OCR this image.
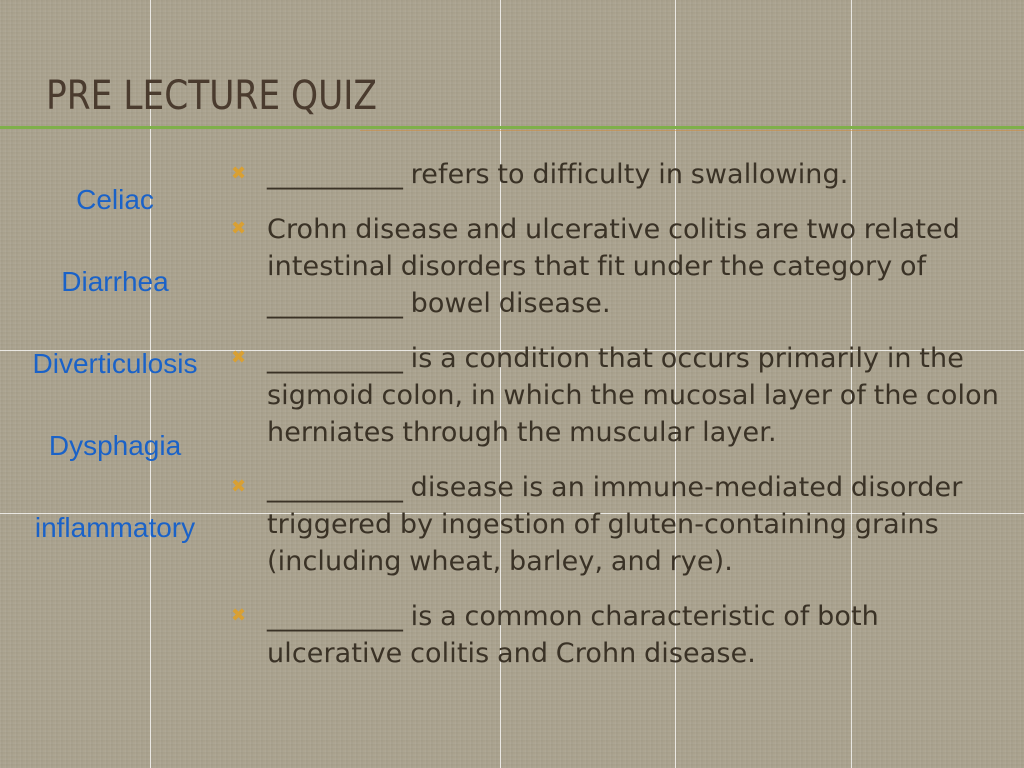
PRE LECTURE QUIZ
Celiac
Diarrhea
Diverticulosis
Dysphagia
inflammatory
✖ __________ refers to difficulty in swallowing.
✖ Crohn disease and ulcerative colitis are two related intestinal disorders that fit under the category of __________ bowel disease.
✖ __________ is a condition that occurs primarily in the sigmoid colon, in which the mucosal layer of the colon herniates through the muscular layer.
✖ __________ disease is an immune-mediated disorder triggered by ingestion of gluten-containing grains (including wheat, barley, and rye).
✖ __________ is a common characteristic of both ulcerative colitis and Crohn disease.
